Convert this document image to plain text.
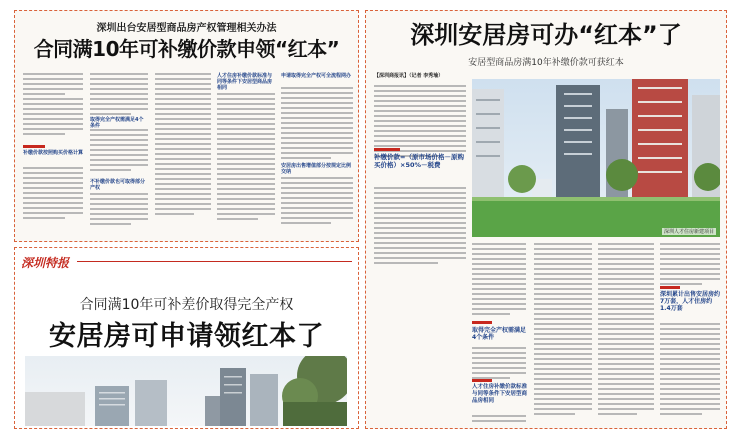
深圳出台安居型商品房产权管理相关办法
合同满10年可补缴价款申领“红本”
补缴价款按照购买价格计算
取得完全产权需满足4个条件
不补缴价款也可取得部分产权
人才住房补缴价款标准与同等条件下安居型商品房相同
申请取得完全产权可全流程网办
安居房出售增值部分按规定比例交纳
深圳特报
合同满10年可补差价取得完全产权
安居房可申请领红本了
深圳安居房可办“红本”了
安居型商品房满10年补缴价款可获红本
【深圳商报讯】（记者 李秀瑜）
补缴价款=（原市场价格－原购买价格）×50%－税费
深圳人才住房新建项目
取得完全产权需满足4个条件
人才住房补缴价款标准与同等条件下安居型商品房相同
深圳累计出售安居房约7万套，人才住房约1.4万套
